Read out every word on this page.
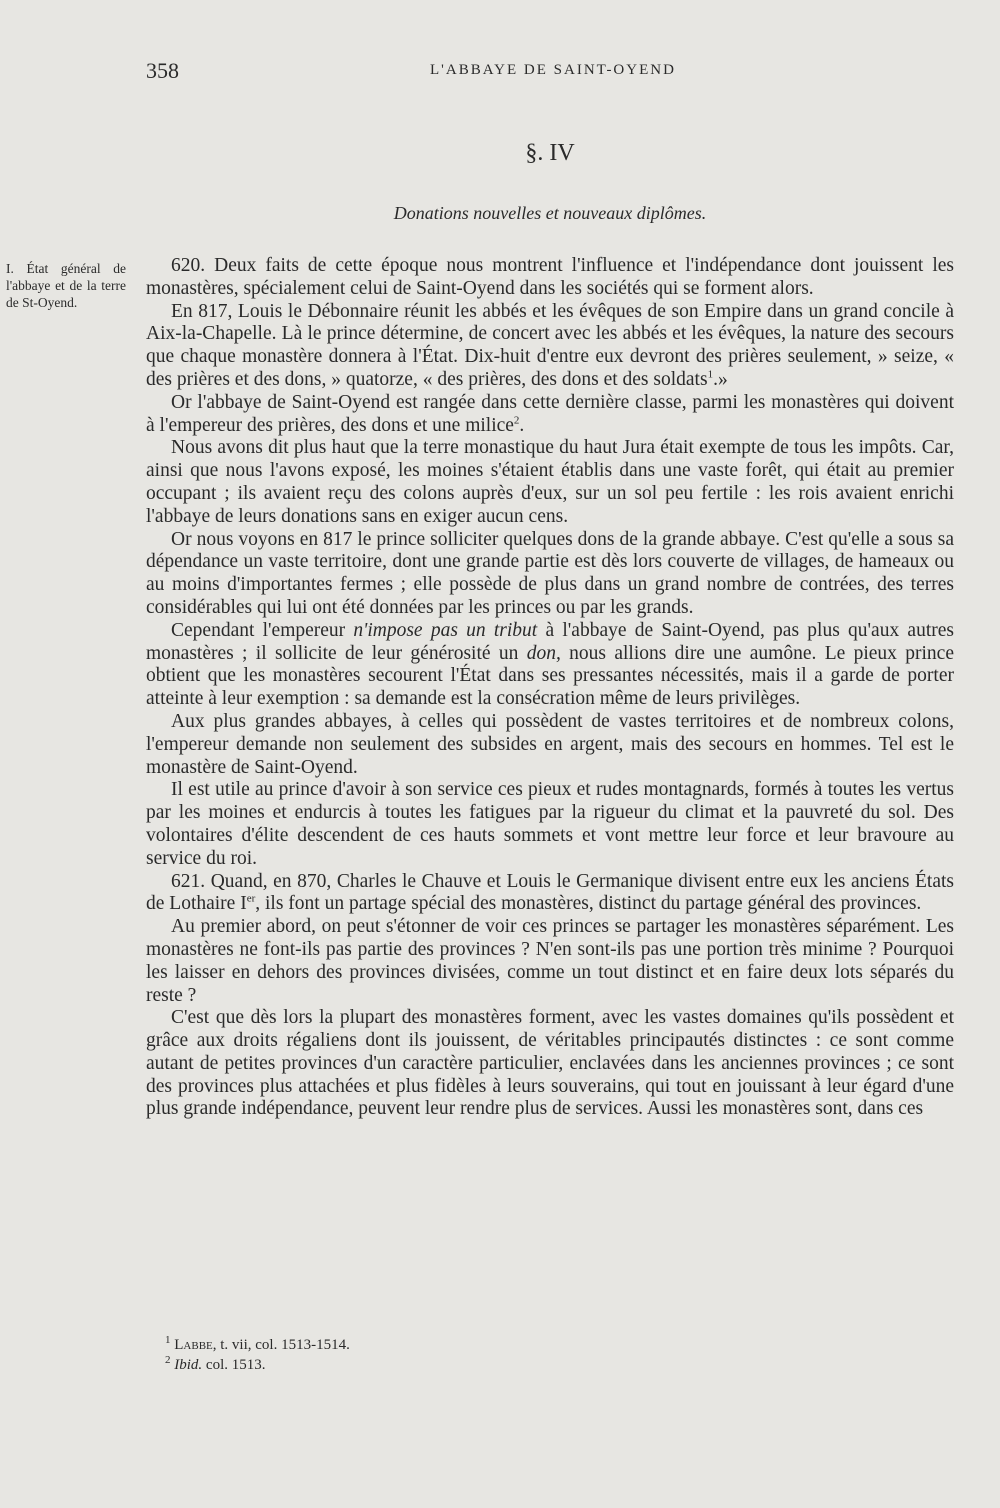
358	L'ABBAYE DE SAINT-OYEND
§. IV
Donations nouvelles et nouveaux diplômes.
I. État général de l'abbaye et de la terre de St-Oyend.

620. Deux faits de cette époque nous montrent l'influence et l'indépendance dont jouissent les monastères, spécialement celui de Saint-Oyend dans les sociétés qui se forment alors.

En 817, Louis le Débonnaire réunit les abbés et les évêques de son Empire dans un grand concile à Aix-la-Chapelle. Là le prince détermine, de concert avec les abbés et les évêques, la nature des secours que chaque monastère donnera à l'État. Dix-huit d'entre eux devront des prières seulement, » seize, « des prières et des dons, » quatorze, « des prières, des dons et des soldats$^1$.»

Or l'abbaye de Saint-Oyend est rangée dans cette dernière classe, parmi les monastères qui doivent à l'empereur des prières, des dons et une milice$^2$.

Nous avons dit plus haut que la terre monastique du haut Jura était exempte de tous les impôts. Car, ainsi que nous l'avons exposé, les moines s'étaient établis dans une vaste forêt, qui était au premier occupant ; ils avaient reçu des colons auprès d'eux, sur un sol peu fertile : les rois avaient enrichi l'abbaye de leurs donations sans en exiger aucun cens.

Or nous voyons en 817 le prince solliciter quelques dons de la grande abbaye. C'est qu'elle a sous sa dépendance un vaste territoire, dont une grande partie est dès lors couverte de villages, de hameaux ou au moins d'importantes fermes ; elle possède de plus dans un grand nombre de contrées, des terres considérables qui lui ont été données par les princes ou par les grands.

Cependant l'empereur n'impose pas un tribut à l'abbaye de Saint-Oyend, pas plus qu'aux autres monastères ; il sollicite de leur générosité un don, nous allions dire une aumône. Le pieux prince obtient que les monastères secourent l'État dans ses pressantes nécessités, mais il a garde de porter atteinte à leur exemption : sa demande est la consécration même de leurs privilèges.

Aux plus grandes abbayes, à celles qui possèdent de vastes territoires et de nombreux colons, l'empereur demande non seulement des subsides en argent, mais des secours en hommes. Tel est le monastère de Saint-Oyend.

Il est utile au prince d'avoir à son service ces pieux et rudes montagnards, formés à toutes les vertus par les moines et endurcis à toutes les fatigues par la rigueur du climat et la pauvreté du sol. Des volontaires d'élite descendent de ces hauts sommets et vont mettre leur force et leur bravoure au service du roi.

621. Quand, en 870, Charles le Chauve et Louis le Germanique divisent entre eux les anciens États de Lothaire Ier, ils font un partage spécial des monastères, distinct du partage général des provinces.

Au premier abord, on peut s'étonner de voir ces princes se partager les monastères séparément. Les monastères ne font-ils pas partie des provinces ? N'en sont-ils pas une portion très minime ? Pourquoi les laisser en dehors des provinces divisées, comme un tout distinct et en faire deux lots séparés du reste ?

C'est que dès lors la plupart des monastères forment, avec les vastes domaines qu'ils possèdent et grâce aux droits régaliens dont ils jouissent, de véritables principautés distinctes : ce sont comme autant de petites provinces d'un caractère particulier, enclavées dans les anciennes provinces ; ce sont des provinces plus attachées et plus fidèles à leurs souverains, qui tout en jouissant à leur égard d'une plus grande indépendance, peuvent leur rendre plus de services. Aussi les monastères sont, dans ces

$^1$ Labbe, t. vii, col. 1513-1514.
$^2$ Ibid. col. 1513.
